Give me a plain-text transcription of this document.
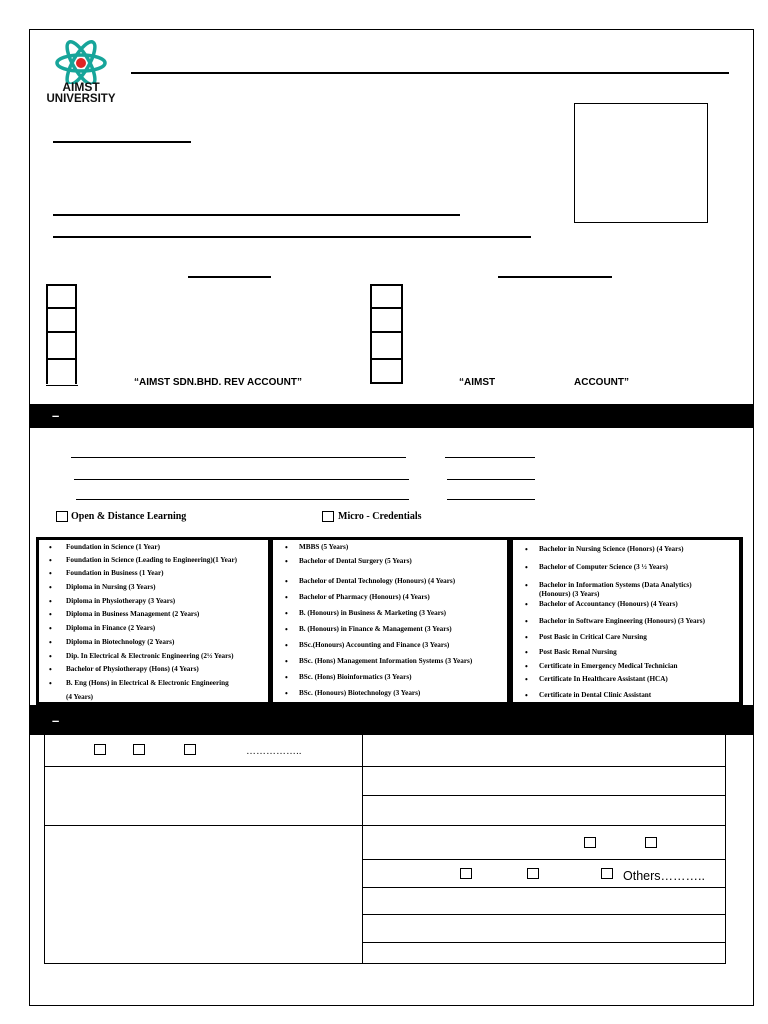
AIMST
UNIVERSITY
“AIMST SDN.BHD. REV ACCOUNT”	“AIMST	ACCOUNT”
–
Open & Distance Learning	Micro - Credentials
• Foundation in Science (1 Year)
• Foundation in Science (Leading to Engineering)(1 Year)
• Foundation in Business (1 Year)
• Diploma in Nursing (3 Years)
• Diploma in Physiotherapy (3 Years)
• Diploma in Business Management (2 Years)
• Diploma in Finance (2 Years)
• Diploma in Biotechnology (2 Years)
• Dip. In Electrical & Electronic Engineering (2½ Years)
• Bachelor of Physiotherapy (Hons) (4 Years)
• B. Eng (Hons) in Electrical & Electronic Engineering
(4 Years)
• MBBS (5 Years)
• Bachelor of Dental Surgery (5 Years)
• Bachelor of Dental Technology (Honours) (4 Years)
• Bachelor of Pharmacy (Honours) (4 Years)
• B. (Honours) in Business & Marketing (3 Years)
• B. (Honours) in Finance & Management (3 Years)
• BSc.(Honours) Accounting and Finance (3 Years)
• BSc. (Hons) Management Information Systems (3 Years)
• BSc. (Hons) Bioinformatics (3 Years)
• BSc. (Honours) Biotechnology (3 Years)
• Bachelor in Nursing Science (Honors) (4 Years)
• Bachelor of Computer Science (3 ½ Years)
• Bachelor in Information Systems (Data Analytics)
(Honours) (3 Years)
• Bachelor of Accountancy (Honours) (4 Years)
• Bachelor in Software Engineering (Honours) (3 Years)
• Post Basic in Critical Care Nursing
• Post Basic Renal Nursing
• Certificate in Emergency Medical Technician
• Certificate In Healthcare Assistant (HCA)
• Certificate in Dental Clinic Assistant
–
……………..
Others………..
